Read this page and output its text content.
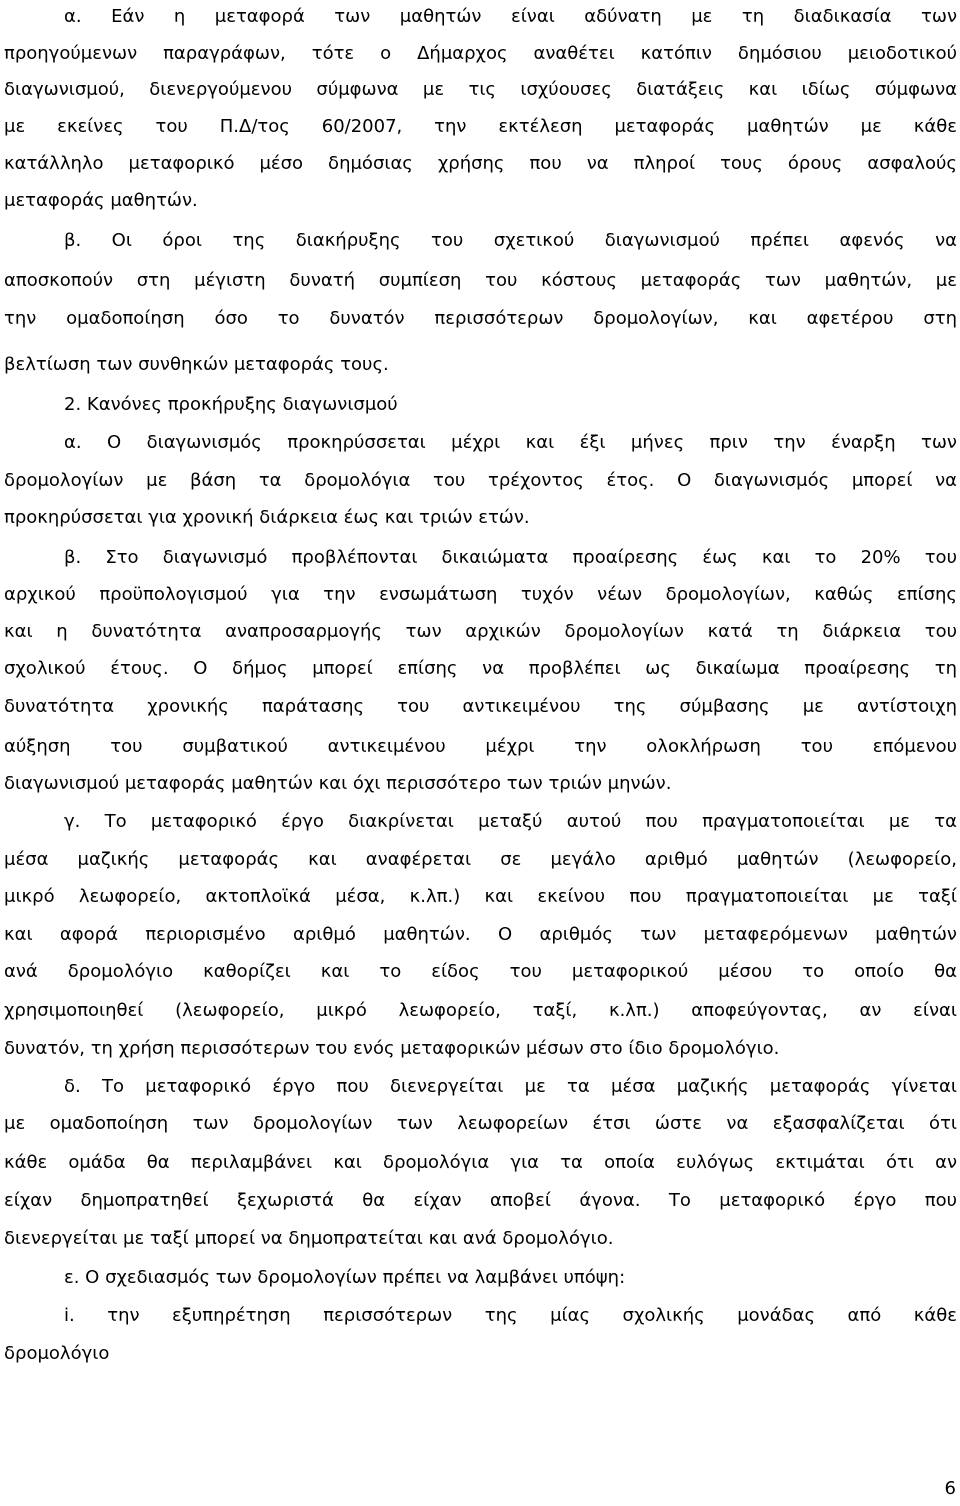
α. Εάν η μεταφορά των μαθητών είναι αδύνατη με τη διαδικασία των
προηγούμενων παραγράφων, τότε ο Δήμαρχος αναθέτει κατόπιν δημόσιου μειοδοτικού
διαγωνισμού, διενεργούμενου σύμφωνα με τις ισχύουσες διατάξεις και ιδίως σύμφωνα
με εκείνες του Π.Δ/τος 60/2007, την εκτέλεση μεταφοράς μαθητών με κάθε
κατάλληλο μεταφορικό μέσο δημόσιας χρήσης που να πληροί τους όρους ασφαλούς
μεταφοράς μαθητών.
β. Οι όροι της διακήρυξης του σχετικού διαγωνισμού πρέπει αφενός να
αποσκοπούν στη μέγιστη δυνατή συμπίεση του κόστους μεταφοράς των μαθητών, με
την ομαδοποίηση όσο το δυνατόν περισσότερων δρομολογίων, και αφετέρου στη
βελτίωση των συνθηκών μεταφοράς τους.
2. Κανόνες προκήρυξης διαγωνισμού
α. Ο διαγωνισμός προκηρύσσεται μέχρι και έξι μήνες πριν την έναρξη των
δρομολογίων με βάση τα δρομολόγια του τρέχοντος έτος. Ο διαγωνισμός μπορεί να
προκηρύσσεται για χρονική διάρκεια έως και τριών ετών.
β. Στο διαγωνισμό προβλέπονται δικαιώματα προαίρεσης έως και το 20% του
αρχικού προϋπολογισμού για την ενσωμάτωση τυχόν νέων δρομολογίων, καθώς επίσης
και η δυνατότητα αναπροσαρμογής των αρχικών δρομολογίων κατά τη διάρκεια του
σχολικού έτους. Ο δήμος μπορεί επίσης να προβλέπει ως δικαίωμα προαίρεσης τη
δυνατότητα χρονικής παράτασης του αντικειμένου της σύμβασης με αντίστοιχη
αύξηση του συμβατικού αντικειμένου μέχρι την ολοκλήρωση του επόμενου
διαγωνισμού μεταφοράς μαθητών και όχι περισσότερο των τριών μηνών.
γ. Το μεταφορικό έργο διακρίνεται μεταξύ αυτού που πραγματοποιείται με τα
μέσα μαζικής μεταφοράς και αναφέρεται σε μεγάλο αριθμό μαθητών (λεωφορείο,
μικρό λεωφορείο, ακτοπλοϊκά μέσα, κ.λπ.) και εκείνου που πραγματοποιείται με ταξί
και αφορά περιορισμένο αριθμό μαθητών. Ο αριθμός των μεταφερόμενων μαθητών
ανά δρομολόγιο καθορίζει και το είδος του μεταφορικού μέσου το οποίο θα
χρησιμοποιηθεί (λεωφορείο, μικρό λεωφορείο, ταξί, κ.λπ.) αποφεύγοντας, αν είναι
δυνατόν, τη χρήση περισσότερων του ενός μεταφορικών μέσων στο ίδιο δρομολόγιο.
δ. Το μεταφορικό έργο που διενεργείται με τα μέσα μαζικής μεταφοράς γίνεται
με ομαδοποίηση των δρομολογίων των λεωφορείων έτσι ώστε να εξασφαλίζεται ότι
κάθε ομάδα θα περιλαμβάνει και δρομολόγια για τα οποία ευλόγως εκτιμάται ότι αν
είχαν δημοπρατηθεί ξεχωριστά θα είχαν αποβεί άγονα. Το μεταφορικό έργο που
διενεργείται με ταξί μπορεί να δημοπρατείται και ανά δρομολόγιο.
ε. Ο σχεδιασμός των δρομολογίων πρέπει να λαμβάνει υπόψη:
i. την εξυπηρέτηση περισσότερων της μίας σχολικής μονάδας από κάθε
δρομολόγιο
6
